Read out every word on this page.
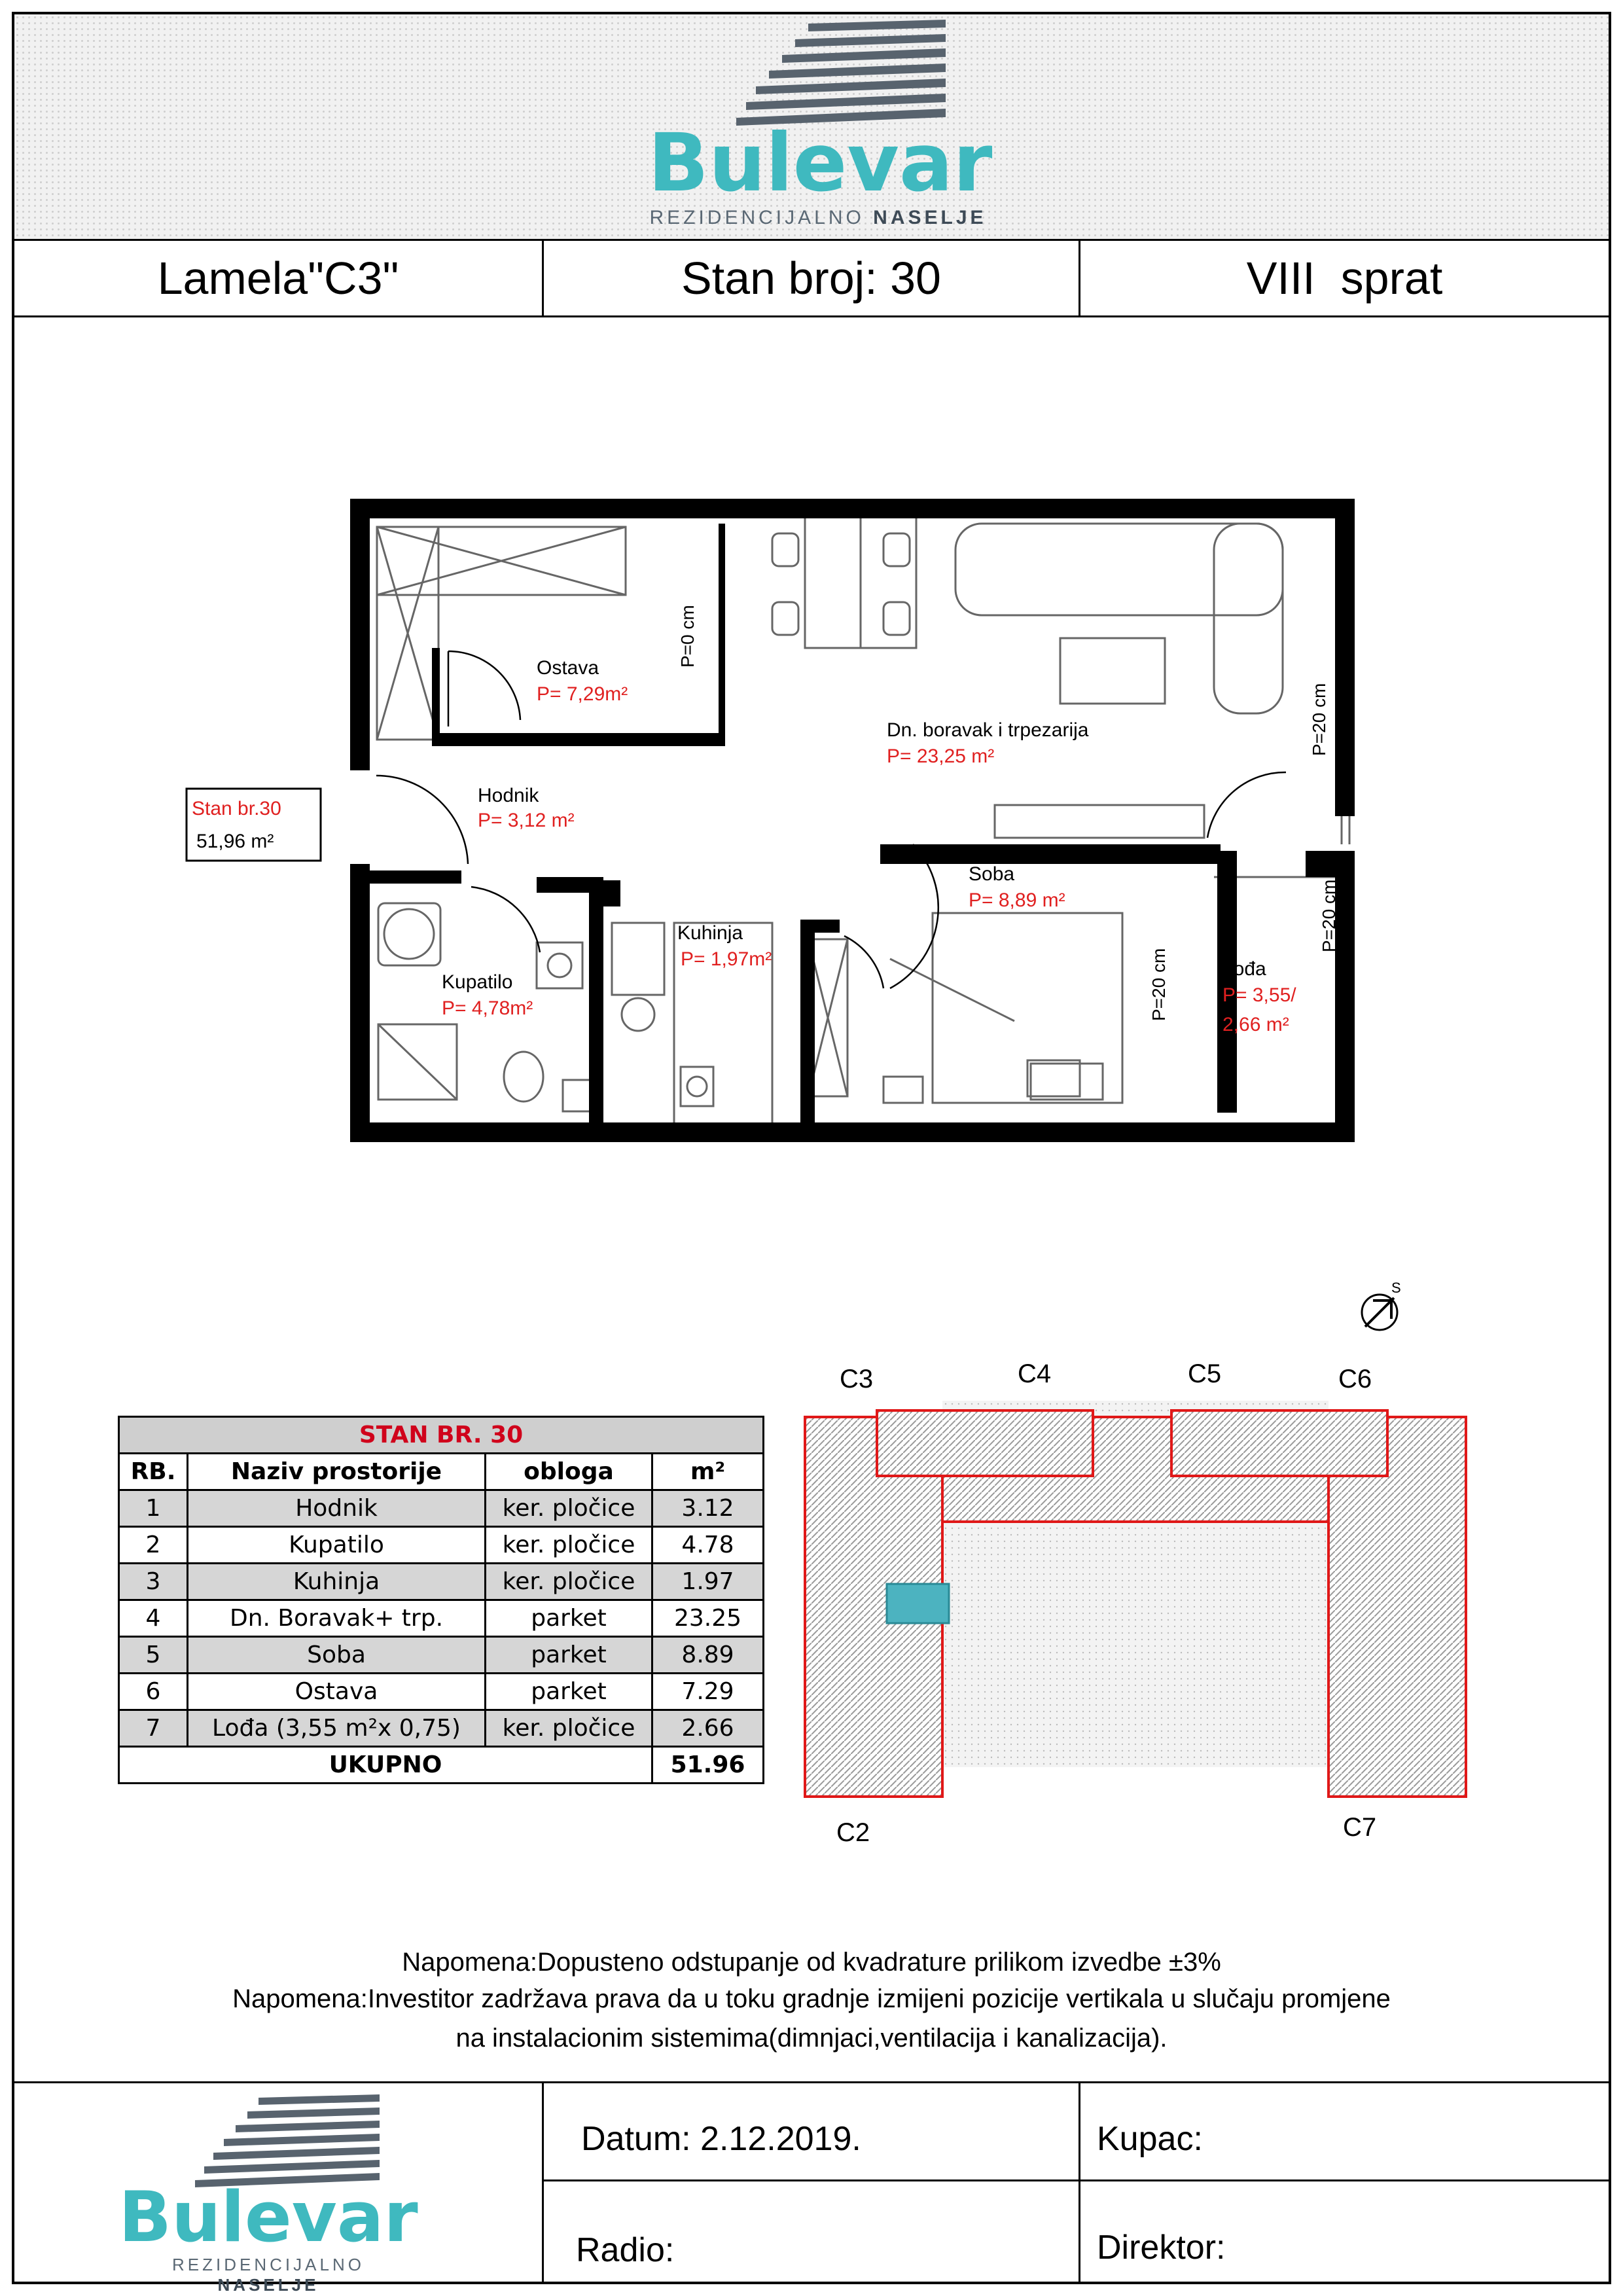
Bulevar
REZIDENCIJALNO NASELJE
Lamela"C3"	Stan broj: 30	VIII  sprat
Ostava
P= 7,29m²
Dn. boravak i trpezarija
P= 23,25 m²
Hodnik
P= 3,12 m²
Soba
P= 8,89 m²
Kuhinja
P= 1,97m²
Kupatilo
P= 4,78m²
Lođa
P= 3,55/
2,66 m²
Stan br.30
51,96 m²
P=0 cm
P=20 cm
P=20 cm
P=20 cm
C3	C4	C5	C6
C2	C7
S
STAN BR. 30			
RB.	Naziv prostorije	obloga	m²
1	Hodnik	ker. pločice	3.12
2	Kupatilo	ker. pločice	4.78
3	Kuhinja	ker. pločice	1.97
4	Dn. Boravak+ trp.	parket	23.25
5	Soba	parket	8.89
6	Ostava	parket	7.29
7	Lođa (3,55 m²x 0,75)	ker. pločice	2.66
UKUPNO			51.96
Napomena:Dopusteno odstupanje od kvadrature prilikom izvedbe ±3%
Napomena:Investitor zadržava prava da u toku gradnje izmijeni pozicije vertikala u slučaju promjene
na instalacionim sistemima(dimnjaci,ventilacija i kanalizacija).
Datum: 2.12.2019.	Kupac:
Radio:	Direktor:
Bulevar
REZIDENCIJALNO NASELJE
